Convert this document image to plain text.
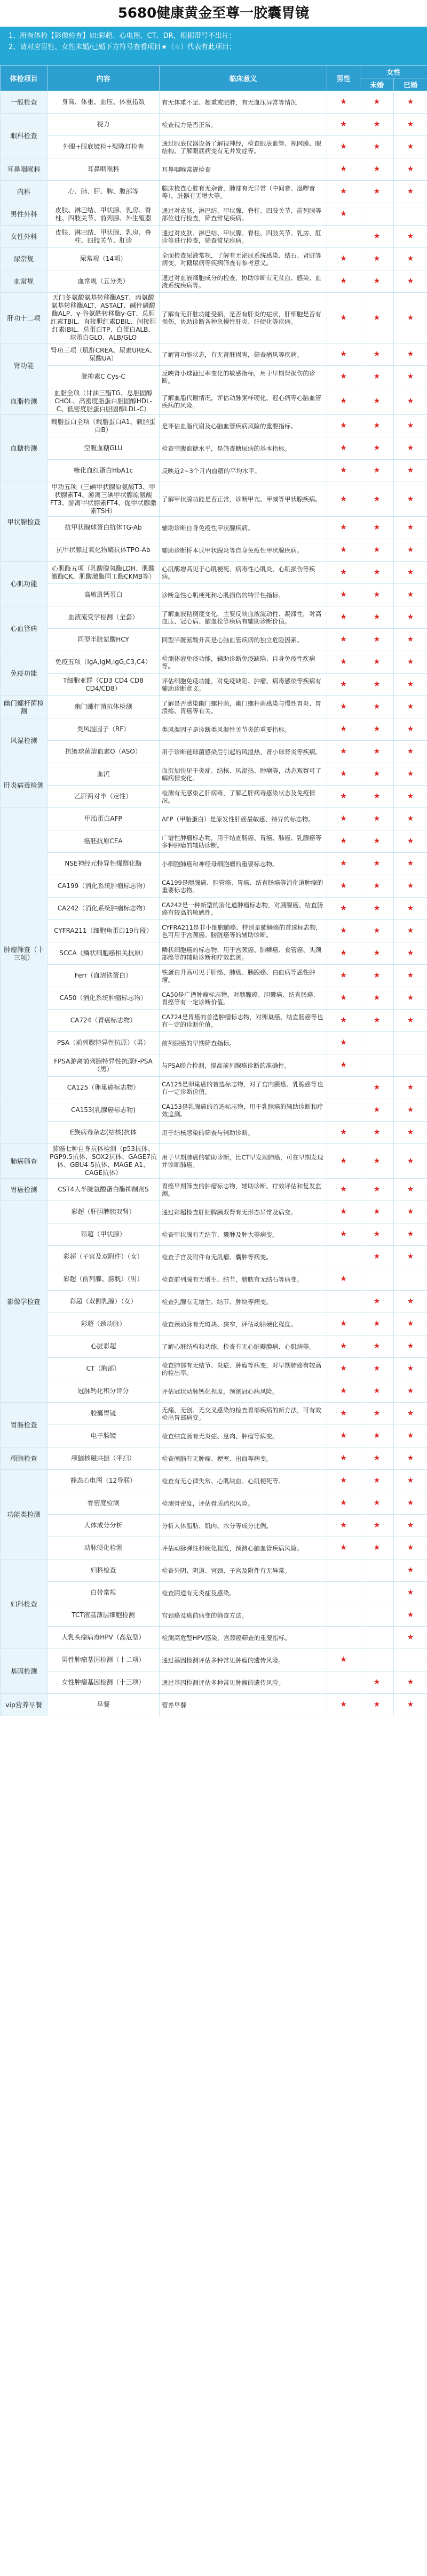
5680健康黄金至尊一胶囊胃镜
1、所有体检【影像检查】如:彩超、心电图、CT、DR，根据带号不出片；
2、请对应男性、女性未婚/已婚下方符号查看项目★（☆）代表有此项目；
体检项目	内容	临床意义	男性	女性	
				未婚	已婚
一般检查	身高、体重、血压、体重指数	有无体重不足、超重或肥胖，有无血压异常等情况	★	★	★
眼科检查	视力	检查视力是否正常。	★	★	★
	外眼+眼底镜检+裂隙灯检查	通过眼底仪器设备了解视神经，检查眼底血管、视网膜、眼结构、了解眼底病变有无并发症等。	★	★	★
耳鼻咽喉科	耳鼻咽喉科	耳鼻咽喉常规检查	★	★	★
内科	心、肺、肝、脾、腹部等	临床检查心脏有无杂音，肺部有无异常（中间音、湿啰音等），脏器有无增大等。	★	★	★
男性外科	皮肤、淋巴结、甲状腺、乳房、脊柱、四肢关节、前列腺、外生殖器	通过对皮肤、淋巴结、甲状腺、脊柱、四肢关节、前列腺等部位进行检查，筛查常见疾病。	★		
女性外科	皮肤、淋巴结、甲状腺、乳房、脊柱、四肢关节、肛诊	通过对皮肤、淋巴结、甲状腺、脊柱、四肢关节、乳房、肛诊等进行检查，筛查常见疾病。		★	★
尿常规	尿常规（14项）	全面检查尿液常规，了解有无泌尿系统感染、结石、肾脏等病变，对糖尿病等疾病筛查有参考意义。	★	★	★
血常规	血常规（五分类）	通过对血液细胞成分的检查，协助诊断有无贫血、感染、血液系统疾病等。	★	★	★
肝功十二项	天门冬氨酸氨基转移酶AST、丙氨酸氨基转移酶ALT、ASTALT、碱性磷酸酶ALP、γ-谷氨酰转移酶γ-GT、总胆红素TBIL、直接胆红素DBIL、间接胆红素IBIL、总蛋白TP、白蛋白ALB、球蛋白GLO、ALB/GLO	了解有无肝脏功能受损，是否有肝炎的症状，肝细胞是否有损伤，协助诊断各种急慢性肝炎、肝硬化等疾病。	★	★	★
肾功能	肾功三项（肌酐CREA、尿素UREA、尿酸UA）	了解肾功能状态，有无肾脏损害，筛查痛风等疾病。	★	★	★
	胱抑素C Cys-C	反映肾小球滤过率变化的敏感指标，用于早期肾损伤的诊断。	★	★	★
血脂检测	血脂全项（甘油三酯TG、总胆固醇CHOL、高密度脂蛋白胆固醇HDL-C、低密度脂蛋白胆固醇LDL-C）	了解血脂代谢情况，评估动脉粥样硬化、冠心病等心脑血管疾病的风险。	★	★	★
血糖检测	载脂蛋白全项（载脂蛋白A1、载脂蛋白B）	是评估血脂代谢及心脑血管疾病风险的重要指标。	★	★	★
	空腹血糖GLU	检查空腹血糖水平，是筛查糖尿病的基本指标。	★	★	★
	糖化血红蛋白HbA1c	反映近2~3个月内血糖的平均水平。	★	★	★
甲状腺检查	甲功五项（三碘甲状腺原氨酸T3、甲状腺素T4、游离三碘甲状腺原氨酸FT3、游离甲状腺素FT4、促甲状腺激素TSH）	了解甲状腺功能是否正常，诊断甲亢、甲减等甲状腺疾病。	★	★	★
	抗甲状腺球蛋白抗体TG-Ab	辅助诊断自身免疫性甲状腺疾病。	★	★	★
	抗甲状腺过氧化物酶抗体TPO-Ab	辅助诊断桥本氏甲状腺炎等自身免疫性甲状腺疾病。	★	★	★
心肌功能	心肌酶五项（乳酸脱氢酶LDH、肌酸激酶CK、肌酸激酶同工酶CKMB等）	心肌酶增高见于心肌梗死、病毒性心肌炎、心肌损伤等疾病。	★	★	★
	高敏肌钙蛋白	诊断急性心肌梗死和心肌损伤的特异性指标。	★	★	★
心血管病	血液流变学检测（全套）	了解血液粘稠度变化，主要反映血液流动性、凝滞性，对高血压、冠心病、脑血栓等疾病有辅助诊断价值。	★	★	★
	同型半胱氨酸HCY	同型半胱氨酸升高是心脑血管疾病的独立危险因素。	★	★	★
免疫功能	免疫五项（IgA,IgM,IgG,C3,C4）	检测体液免疫功能，辅助诊断免疫缺陷、自身免疫性疾病等。	★	★	★
	T细胞亚群（CD3 CD4 CD8 CD4/CD8）	评估细胞免疫功能，对免疫缺陷、肿瘤、病毒感染等疾病有辅助诊断意义。	★	★	★
幽门螺杆菌检测	幽门螺杆菌抗体检测	了解是否感染幽门螺杆菌，幽门螺杆菌感染与慢性胃炎、胃溃疡、胃癌等有关。	★	★	★
风湿检测	类风湿因子（RF）	类风湿因子是诊断类风湿性关节炎的重要指标。	★	★	★
	抗链球菌溶血素O（ASO）	用于诊断链球菌感染后引起的风湿热、肾小球肾炎等疾病。	★	★	★
肝炎病毒检测	血沉	血沉加快见于炎症、结核、风湿热、肿瘤等，动态观察可了解病情变化。	★	★	★
	乙肝两对半（定性）	检测有无感染乙肝病毒，了解乙肝病毒感染状态及免疫情况。	★	★	★
肿瘤筛查（十三项）	甲胎蛋白AFP	AFP（甲胎蛋白）是原发性肝癌最敏感、特异的标志物。	★	★	★
	癌胚抗原CEA	广谱性肿瘤标志物，用于结直肠癌、胃癌、肺癌、乳腺癌等多种肿瘤的辅助诊断。	★	★	★
	NSE神经元特异性烯醇化酶	小细胞肺癌和神经母细胞瘤的重要标志物。	★	★	★
	CA199（消化系统肿瘤标志物）	CA199是胰腺癌、胆管癌、胃癌、结直肠癌等消化道肿瘤的重要标志物。	★	★	★
	CA242（消化系统肿瘤标志物）	CA242是一种新型的消化道肿瘤标志物，对胰腺癌、结直肠癌有较高的敏感性。	★	★	★
	CYFRA211（细胞角蛋白19片段）	CYFRA211是非小细胞肺癌、特别是肺鳞癌的首选标志物，也可用于宫颈癌、膀胱癌等的辅助诊断。	★	★	★
	SCCA（鳞状细胞癌相关抗原）	鳞状细胞癌的标志物，用于宫颈癌、肺鳞癌、食管癌、头颈部癌等的辅助诊断和疗效监测。	★	★	★
	Ferr（血清铁蛋白）	铁蛋白升高可见于肝癌、肺癌、胰腺癌、白血病等恶性肿瘤。	★	★	★
	CA50（消化系统肿瘤标志物）	CA50是广谱肿瘤标志物，对胰腺癌、胆囊癌、结直肠癌、胃癌等有一定诊断价值。	★	★	★
	CA724（胃癌标志物）	CA724是胃癌的首选肿瘤标志物，对卵巢癌、结直肠癌等也有一定的诊断价值。	★	★	★
	PSA（前列腺特异性抗原）（男）	前列腺癌的早期筛查指标。	★		
	FPSA游离前列腺特异性抗原F-PSA（男）	与PSA联合检测，提高前列腺癌诊断的准确性。	★		
	CA125（卵巢癌标志物）	CA125是卵巢癌的首选标志物，对子宫内膜癌、乳腺癌等也有一定诊断价值。		★	★
	CA153(乳腺癌标志物)	CA153是乳腺癌的首选标志物，用于乳腺癌的辅助诊断和疗效监测。		★	★
	E族病毒杂志(结核)抗体	用于结核感染的筛查与辅助诊断。	★	★	★
肺癌筛查	肺癌七种自身抗体检测（p53抗体、PGP9.5抗体、SOX2抗体、GAGE7抗体、GBU4-5抗体、MAGE A1、CAGE抗体）	用于早期肺癌的辅助诊断，比CT早发现肺癌，可在早期发现并诊断肺癌。	★	★	★
胃癌检测	CST4人半胱氨酸蛋白酶抑制剂S	胃癌早期筛查的肿瘤标志物，辅助诊断、疗效评估和复发监测。	★	★	★
影像学检查	彩超（肝胆脾胰双肾）	通过彩超检查肝胆脾胰双肾有无形态异常及病变。	★	★	★
	彩超（甲状腺）	检查甲状腺有无结节、囊肿及肿大等病变。	★	★	★
	彩超（子宫及双附件）（女）	检查子宫及附件有无肌瘤、囊肿等病变。		★	★
	彩超（前列腺、膀胱）（男）	检查前列腺有无增生、结节，膀胱有无结石等病变。	★		
	彩超（双侧乳腺）（女）	检查乳腺有无增生、结节、肿块等病变。		★	★
	彩超（颈动脉）	检查颈动脉有无斑块、狭窄，评估动脉硬化程度。	★	★	★
	心脏彩超	了解心脏结构和功能，检查有无心脏瓣膜病、心肌病等。	★	★	★
	CT（胸部）	检查肺部有无结节、炎症、肿瘤等病变，对早期肺癌有较高的检出率。	★	★	★
	冠脉钙化积分评分	评估冠状动脉钙化程度，预测冠心病风险。	★	★	★
胃肠检查	胶囊胃镜	无痛、无创、无交叉感染的检查胃部疾病的新方法，可有效检出胃部病变。	★	★	★
	电子肠镜	检查结直肠有无炎症、息肉、肿瘤等病变。	★	★	★
颅脑检查	颅脑核磁共振（平扫）	检查颅脑有无肿瘤、梗塞、出血等病变。	★	★	★
功能类检测	静态心电图（12导联）	检查有无心律失常、心肌缺血、心肌梗死等。	★	★	★
	骨密度检测	检测骨密度，评估骨质疏松风险。	★	★	★
	人体成分分析	分析人体脂肪、肌肉、水分等成分比例。	★	★	★
	动脉硬化检测	评估动脉弹性和硬化程度，预测心脑血管疾病风险。	★	★	★
妇科检查	妇科检查	检查外阴、阴道、宫颈、子宫及附件有无异常。			★
	白带常规	检查阴道有无炎症及感染。			★
	TCT液基薄层细胞检测	宫颈癌及癌前病变的筛查方法。			★
	人乳头瘤病毒HPV（高危型）	检测高危型HPV感染，宫颈癌筛查的重要指标。			★
基因检测	男性肿瘤基因检测（十二项）	通过基因检测评估多种常见肿瘤的遗传风险。	★		
	女性肿瘤基因检测（十三项）	通过基因检测评估多种常见肿瘤的遗传风险。		★	★
vip营养早餐	早餐	营养早餐	★	★	★
